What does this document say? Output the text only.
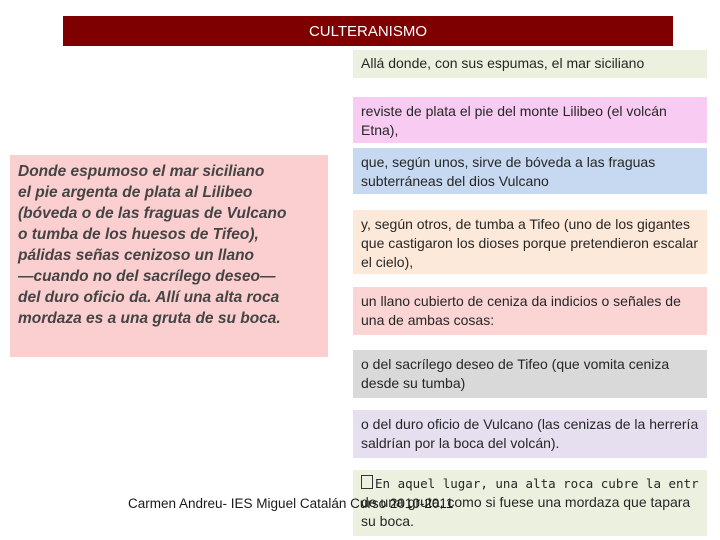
CULTERANISMO
Donde espumoso el mar siciliano
el pie argenta de plata al Lilibeo
(bóveda o de las fraguas de Vulcano
o tumba de los huesos de Tifeo),
pálidas señas cenizoso un llano
—cuando no del sacrílego deseo—
del duro oficio da. Allí una alta roca
mordaza es a una gruta de su boca.
Allá donde, con sus espumas, el mar siciliano
reviste de plata el pie del monte Lilibeo (el volcán Etna),
que, según unos, sirve de bóveda a las fraguas subterráneas del dios Vulcano
y, según otros, de tumba a Tifeo (uno de los gigantes que castigaron los dioses porque pretendieron escalar el cielo),
un llano cubierto de ceniza da indicios o señales de una de ambas cosas:
o del sacrílego deseo de Tifeo (que vomita ceniza desde su tumba)
o del duro oficio de Vulcano (las cenizas de la herrería saldrían por la boca del volcán).
En aquel lugar, una alta roca cubre la entr
de una gruta, como si fuese una mordaza que tapara su boca.
Carmen Andreu- IES Miguel Catalán Curso 2010-2011
